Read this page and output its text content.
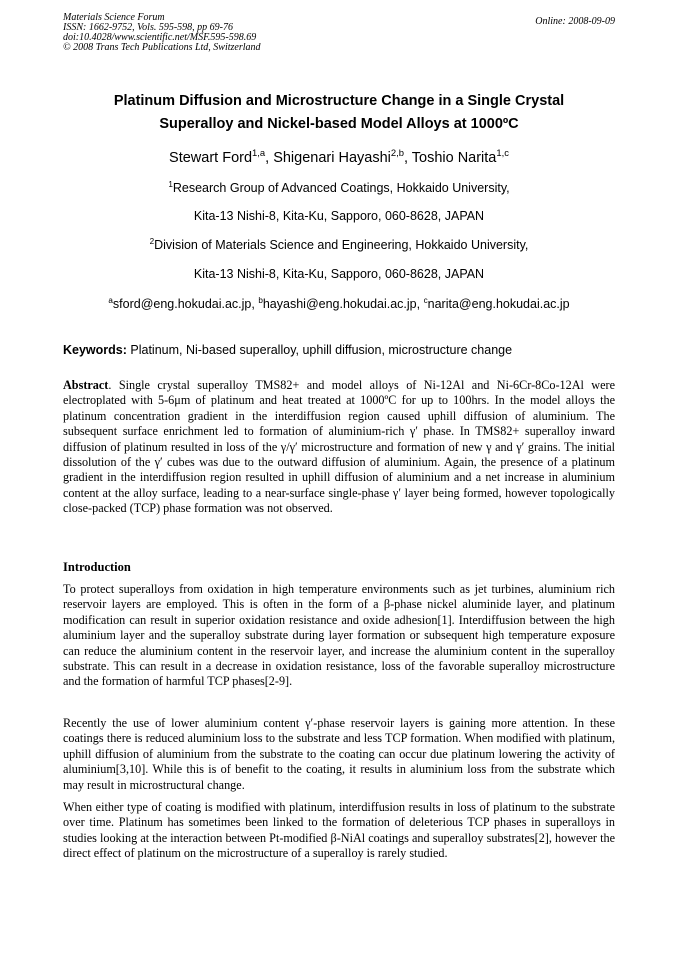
Materials Science Forum
ISSN: 1662-9752, Vols. 595-598, pp 69-76
doi:10.4028/www.scientific.net/MSF.595-598.69
© 2008 Trans Tech Publications Ltd, Switzerland
Online: 2008-09-09
Platinum Diffusion and Microstructure Change in a Single Crystal
Superalloy and Nickel-based Model Alloys at 1000ºC
Stewart Ford$^{1,a}$, Shigenari Hayashi$^{2,b}$, Toshio Narita$^{1,c}$
$^1$Research Group of Advanced Coatings, Hokkaido University,
Kita-13 Nishi-8, Kita-Ku, Sapporo, 060-8628, JAPAN
$^2$Division of Materials Science and Engineering, Hokkaido University,
Kita-13 Nishi-8, Kita-Ku, Sapporo, 060-8628, JAPAN
$^a$sford@eng.hokudai.ac.jp, $^b$hayashi@eng.hokudai.ac.jp, $^c$narita@eng.hokudai.ac.jp
Keywords: Platinum, Ni-based superalloy, uphill diffusion, microstructure change

Abstract. Single crystal superalloy TMS82+ and model alloys of Ni-12Al and Ni-6Cr-8Co-12Al were electroplated with 5-6μm of platinum and heat treated at 1000ºC for up to 100hrs. In the model alloys the platinum concentration gradient in the interdiffusion region caused uphill diffusion of aluminium. The subsequent surface enrichment led to formation of aluminium-rich γ′ phase. In TMS82+ superalloy inward diffusion of platinum resulted in loss of the γ/γ′ microstructure and formation of new γ and γ′ grains. The initial dissolution of the γ′ cubes was due to the outward diffusion of aluminium. Again, the presence of a platinum gradient in the interdiffusion region resulted in uphill diffusion of aluminium and a net increase in aluminium content at the alloy surface, leading to a near-surface single-phase γ′ layer being formed, however topologically close-packed (TCP) phase formation was not observed.

Introduction

To protect superalloys from oxidation in high temperature environments such as jet turbines, aluminium rich reservoir layers are employed. This is often in the form of a β-phase nickel aluminide layer, and platinum modification can result in superior oxidation resistance and oxide adhesion[1]. Interdiffusion between the high aluminium layer and the superalloy substrate during layer formation or subsequent high temperature exposure can reduce the aluminium content in the reservoir layer, and increase the aluminium content in the superalloy substrate. This can result in a decrease in oxidation resistance, loss of the favorable superalloy microstructure and the formation of harmful TCP phases[2-9].

Recently the use of lower aluminium content γ′-phase reservoir layers is gaining more attention. In these coatings there is reduced aluminium loss to the substrate and less TCP formation. When modified with platinum, uphill diffusion of aluminium from the substrate to the coating can occur due platinum lowering the activity of aluminium[3,10]. While this is of benefit to the coating, it results in aluminium loss from the substrate which may result in microstructural change.

When either type of coating is modified with platinum, interdiffusion results in loss of platinum to the substrate over time. Platinum has sometimes been linked to the formation of deleterious TCP phases in superalloys in studies looking at the interaction between Pt-modified β-NiAl coatings and superalloy substrates[2], however the direct effect of platinum on the microstructure of a superalloy is rarely studied.
